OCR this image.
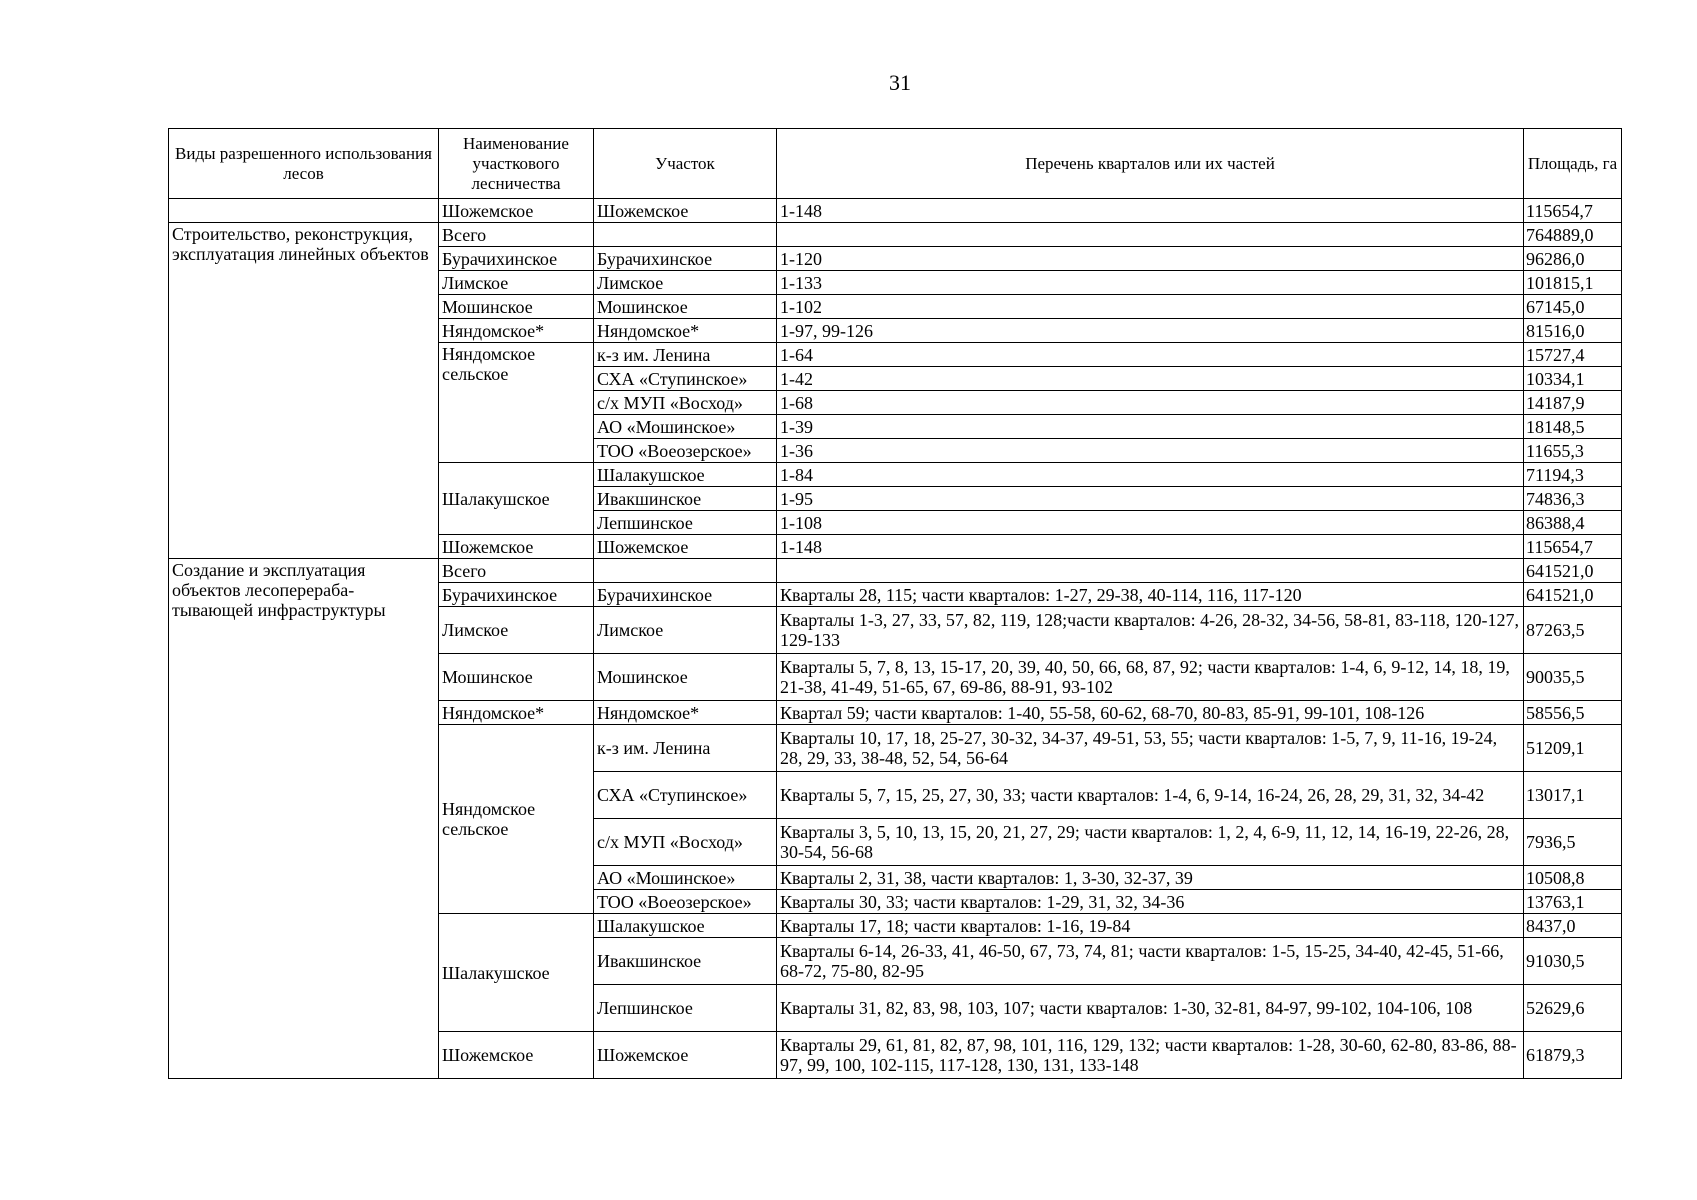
31
Виды разрешенного использования лесов	Наименование участкового лесничества	Участок	Перечень кварталов или их частей	Площадь, га
	Шожемское	Шожемское	1-148	115654,7
Строительство, реконструкция, эксплуатация линейных объектов	Всего			764889,0
	Бурачихинское	Бурачихинское	1-120	96286,0
	Лимское	Лимское	1-133	101815,1
	Мошинское	Мошинское	1-102	67145,0
	Няндомское*	Няндомское*	1-97, 99-126	81516,0
	Няндомское сельское	к-з им. Ленина	1-64	15727,4
		СХА «Ступинское»	1-42	10334,1
		с/х МУП «Восход»	1-68	14187,9
		АО «Мошинское»	1-39	18148,5
		ТОО «Воеозерское»	1-36	11655,3
	Шалакушское	Шалакушское	1-84	71194,3
		Ивакшинское	1-95	74836,3
		Лепшинское	1-108	86388,4
	Шожемское	Шожемское	1-148	115654,7
Создание и эксплуатация объектов лесоперераба-тывающей инфраструктуры	Всего			641521,0
	Бурачихинское	Бурачихинское	Кварталы 28, 115; части кварталов: 1-27, 29-38, 40-114, 116, 117-120	641521,0
	Лимское	Лимское	Кварталы 1-3, 27, 33, 57, 82, 119, 128;части кварталов: 4-26, 28-32, 34-56, 58-81, 83-118, 120-127, 129-133	87263,5
	Мошинское	Мошинское	Кварталы 5, 7, 8, 13, 15-17, 20, 39, 40, 50, 66, 68, 87, 92; части кварталов: 1-4, 6, 9-12, 14, 18, 19, 21-38, 41-49, 51-65, 67, 69-86, 88-91, 93-102	90035,5
	Няндомское*	Няндомское*	Квартал 59; части кварталов: 1-40, 55-58, 60-62, 68-70, 80-83, 85-91, 99-101, 108-126	58556,5
	Няндомское сельское	к-з им. Ленина	Кварталы 10, 17, 18, 25-27, 30-32, 34-37, 49-51, 53, 55; части кварталов: 1-5, 7, 9, 11-16, 19-24, 28, 29, 33, 38-48, 52, 54, 56-64	51209,1
		СХА «Ступинское»	Кварталы 5, 7, 15, 25, 27, 30, 33; части кварталов: 1-4, 6, 9-14, 16-24, 26, 28, 29, 31, 32, 34-42	13017,1
		с/х МУП «Восход»	Кварталы 3, 5, 10, 13, 15, 20, 21, 27, 29; части кварталов: 1, 2, 4, 6-9, 11, 12, 14, 16-19, 22-26, 28, 30-54, 56-68	7936,5
		АО «Мошинское»	Кварталы 2, 31, 38, части кварталов: 1, 3-30, 32-37, 39	10508,8
		ТОО «Воеозерское»	Кварталы 30, 33; части кварталов: 1-29, 31, 32, 34-36	13763,1
	Шалакушское	Шалакушское	Кварталы 17, 18; части кварталов: 1-16, 19-84	8437,0
		Ивакшинское	Кварталы 6-14, 26-33, 41, 46-50, 67, 73, 74, 81; части кварталов: 1-5, 15-25, 34-40, 42-45, 51-66, 68-72, 75-80, 82-95	91030,5
		Лепшинское	Кварталы 31, 82, 83, 98, 103, 107; части кварталов: 1-30, 32-81, 84-97, 99-102, 104-106, 108	52629,6
	Шожемское	Шожемское	Кварталы 29, 61, 81, 82, 87, 98, 101, 116, 129, 132; части кварталов: 1-28, 30-60, 62-80, 83-86, 88-97, 99, 100, 102-115, 117-128, 130, 131, 133-148	61879,3
